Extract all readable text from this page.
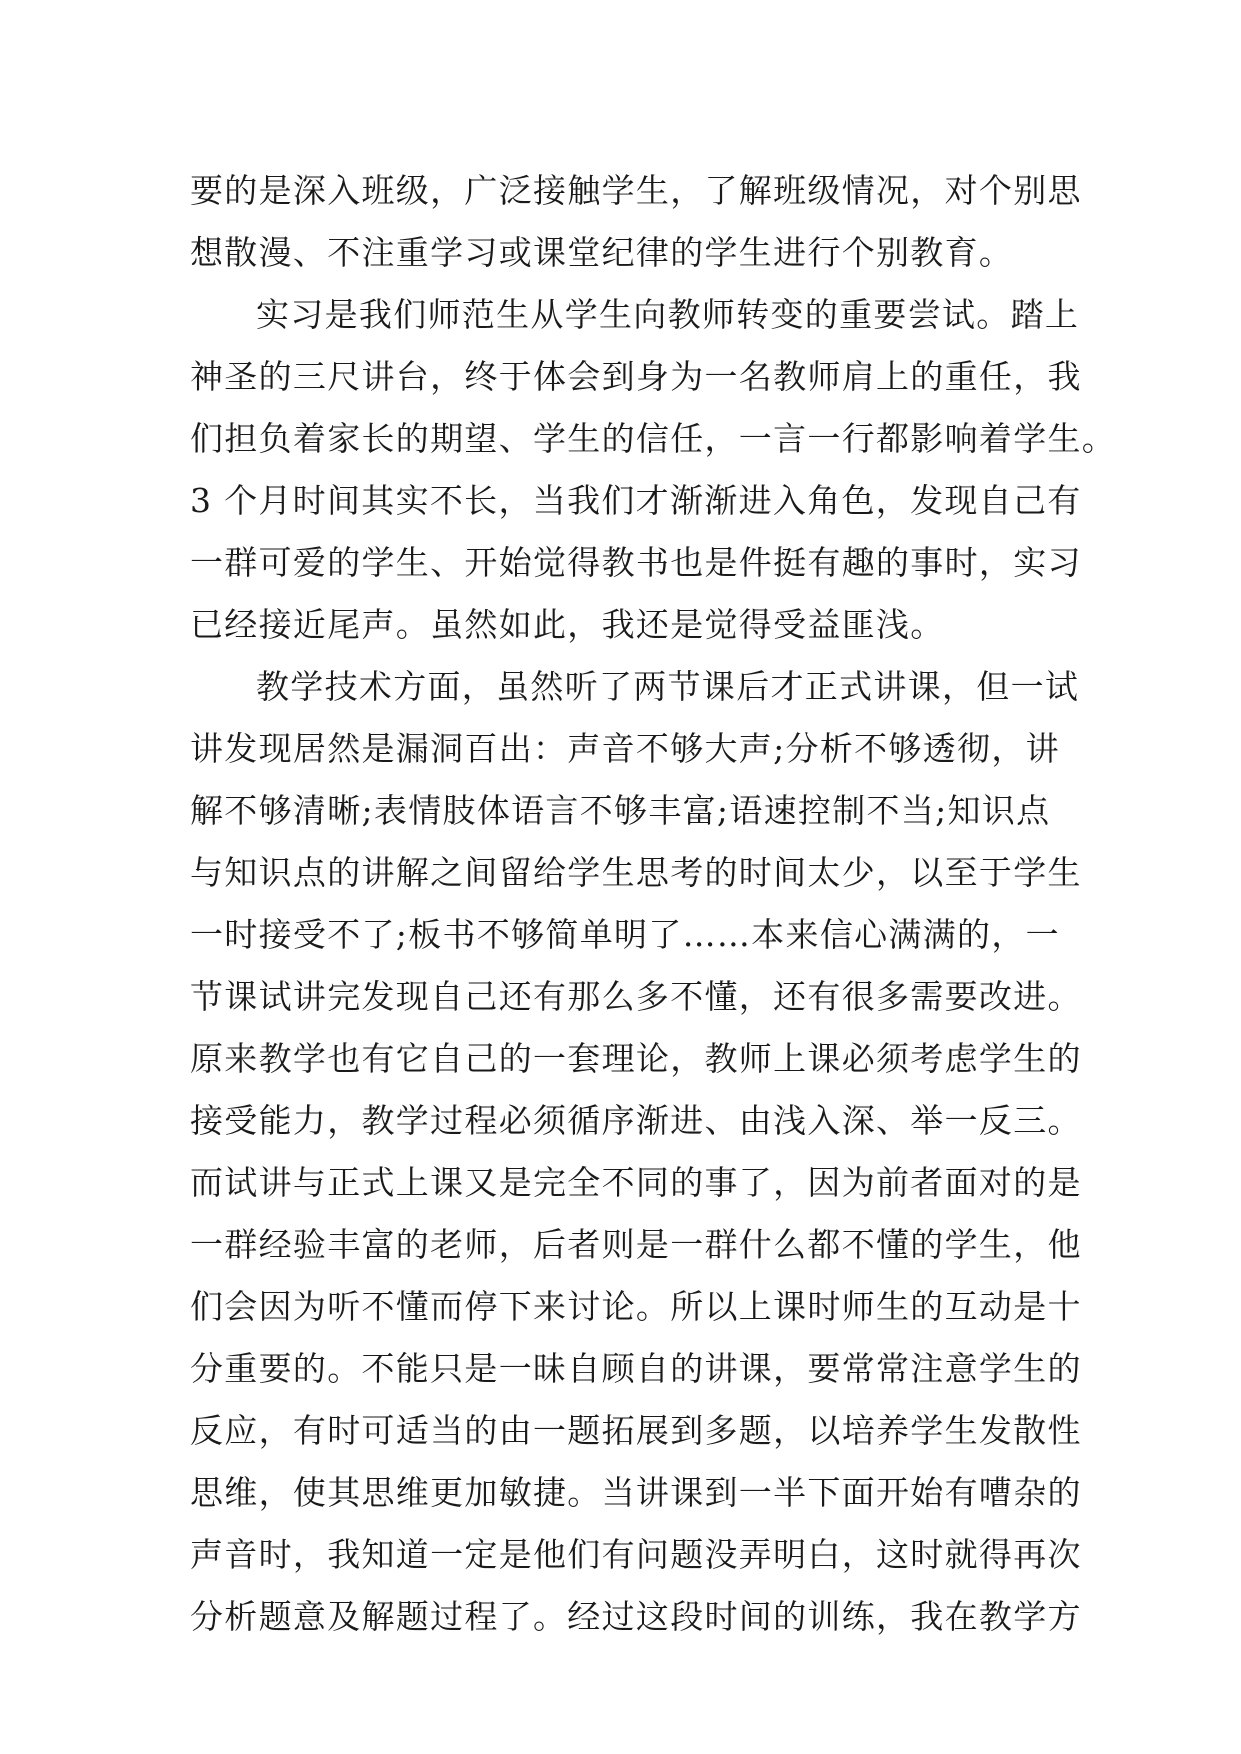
要的是深入班级，广泛接触学生，了解班级情况，对个别思
想散漫、不注重学习或课堂纪律的学生进行个别教育。
实习是我们师范生从学生向教师转变的重要尝试。踏上
神圣的三尺讲台，终于体会到身为一名教师肩上的重任，我
们担负着家长的期望、学生的信任，一言一行都影响着学生。
3 个月时间其实不长，当我们才渐渐进入角色，发现自己有
一群可爱的学生、开始觉得教书也是件挺有趣的事时，实习
已经接近尾声。虽然如此，我还是觉得受益匪浅。
教学技术方面，虽然听了两节课后才正式讲课，但一试
讲发现居然是漏洞百出：声音不够大声;分析不够透彻，讲
解不够清晰;表情肢体语言不够丰富;语速控制不当;知识点
与知识点的讲解之间留给学生思考的时间太少，以至于学生
一时接受不了;板书不够简单明了……本来信心满满的，一
节课试讲完发现自己还有那么多不懂，还有很多需要改进。
原来教学也有它自己的一套理论，教师上课必须考虑学生的
接受能力，教学过程必须循序渐进、由浅入深、举一反三。
而试讲与正式上课又是完全不同的事了，因为前者面对的是
一群经验丰富的老师，后者则是一群什么都不懂的学生，他
们会因为听不懂而停下来讨论。所以上课时师生的互动是十
分重要的。不能只是一昧自顾自的讲课，要常常注意学生的
反应，有时可适当的由一题拓展到多题，以培养学生发散性
思维，使其思维更加敏捷。当讲课到一半下面开始有嘈杂的
声音时，我知道一定是他们有问题没弄明白，这时就得再次
分析题意及解题过程了。经过这段时间的训练，我在教学方
